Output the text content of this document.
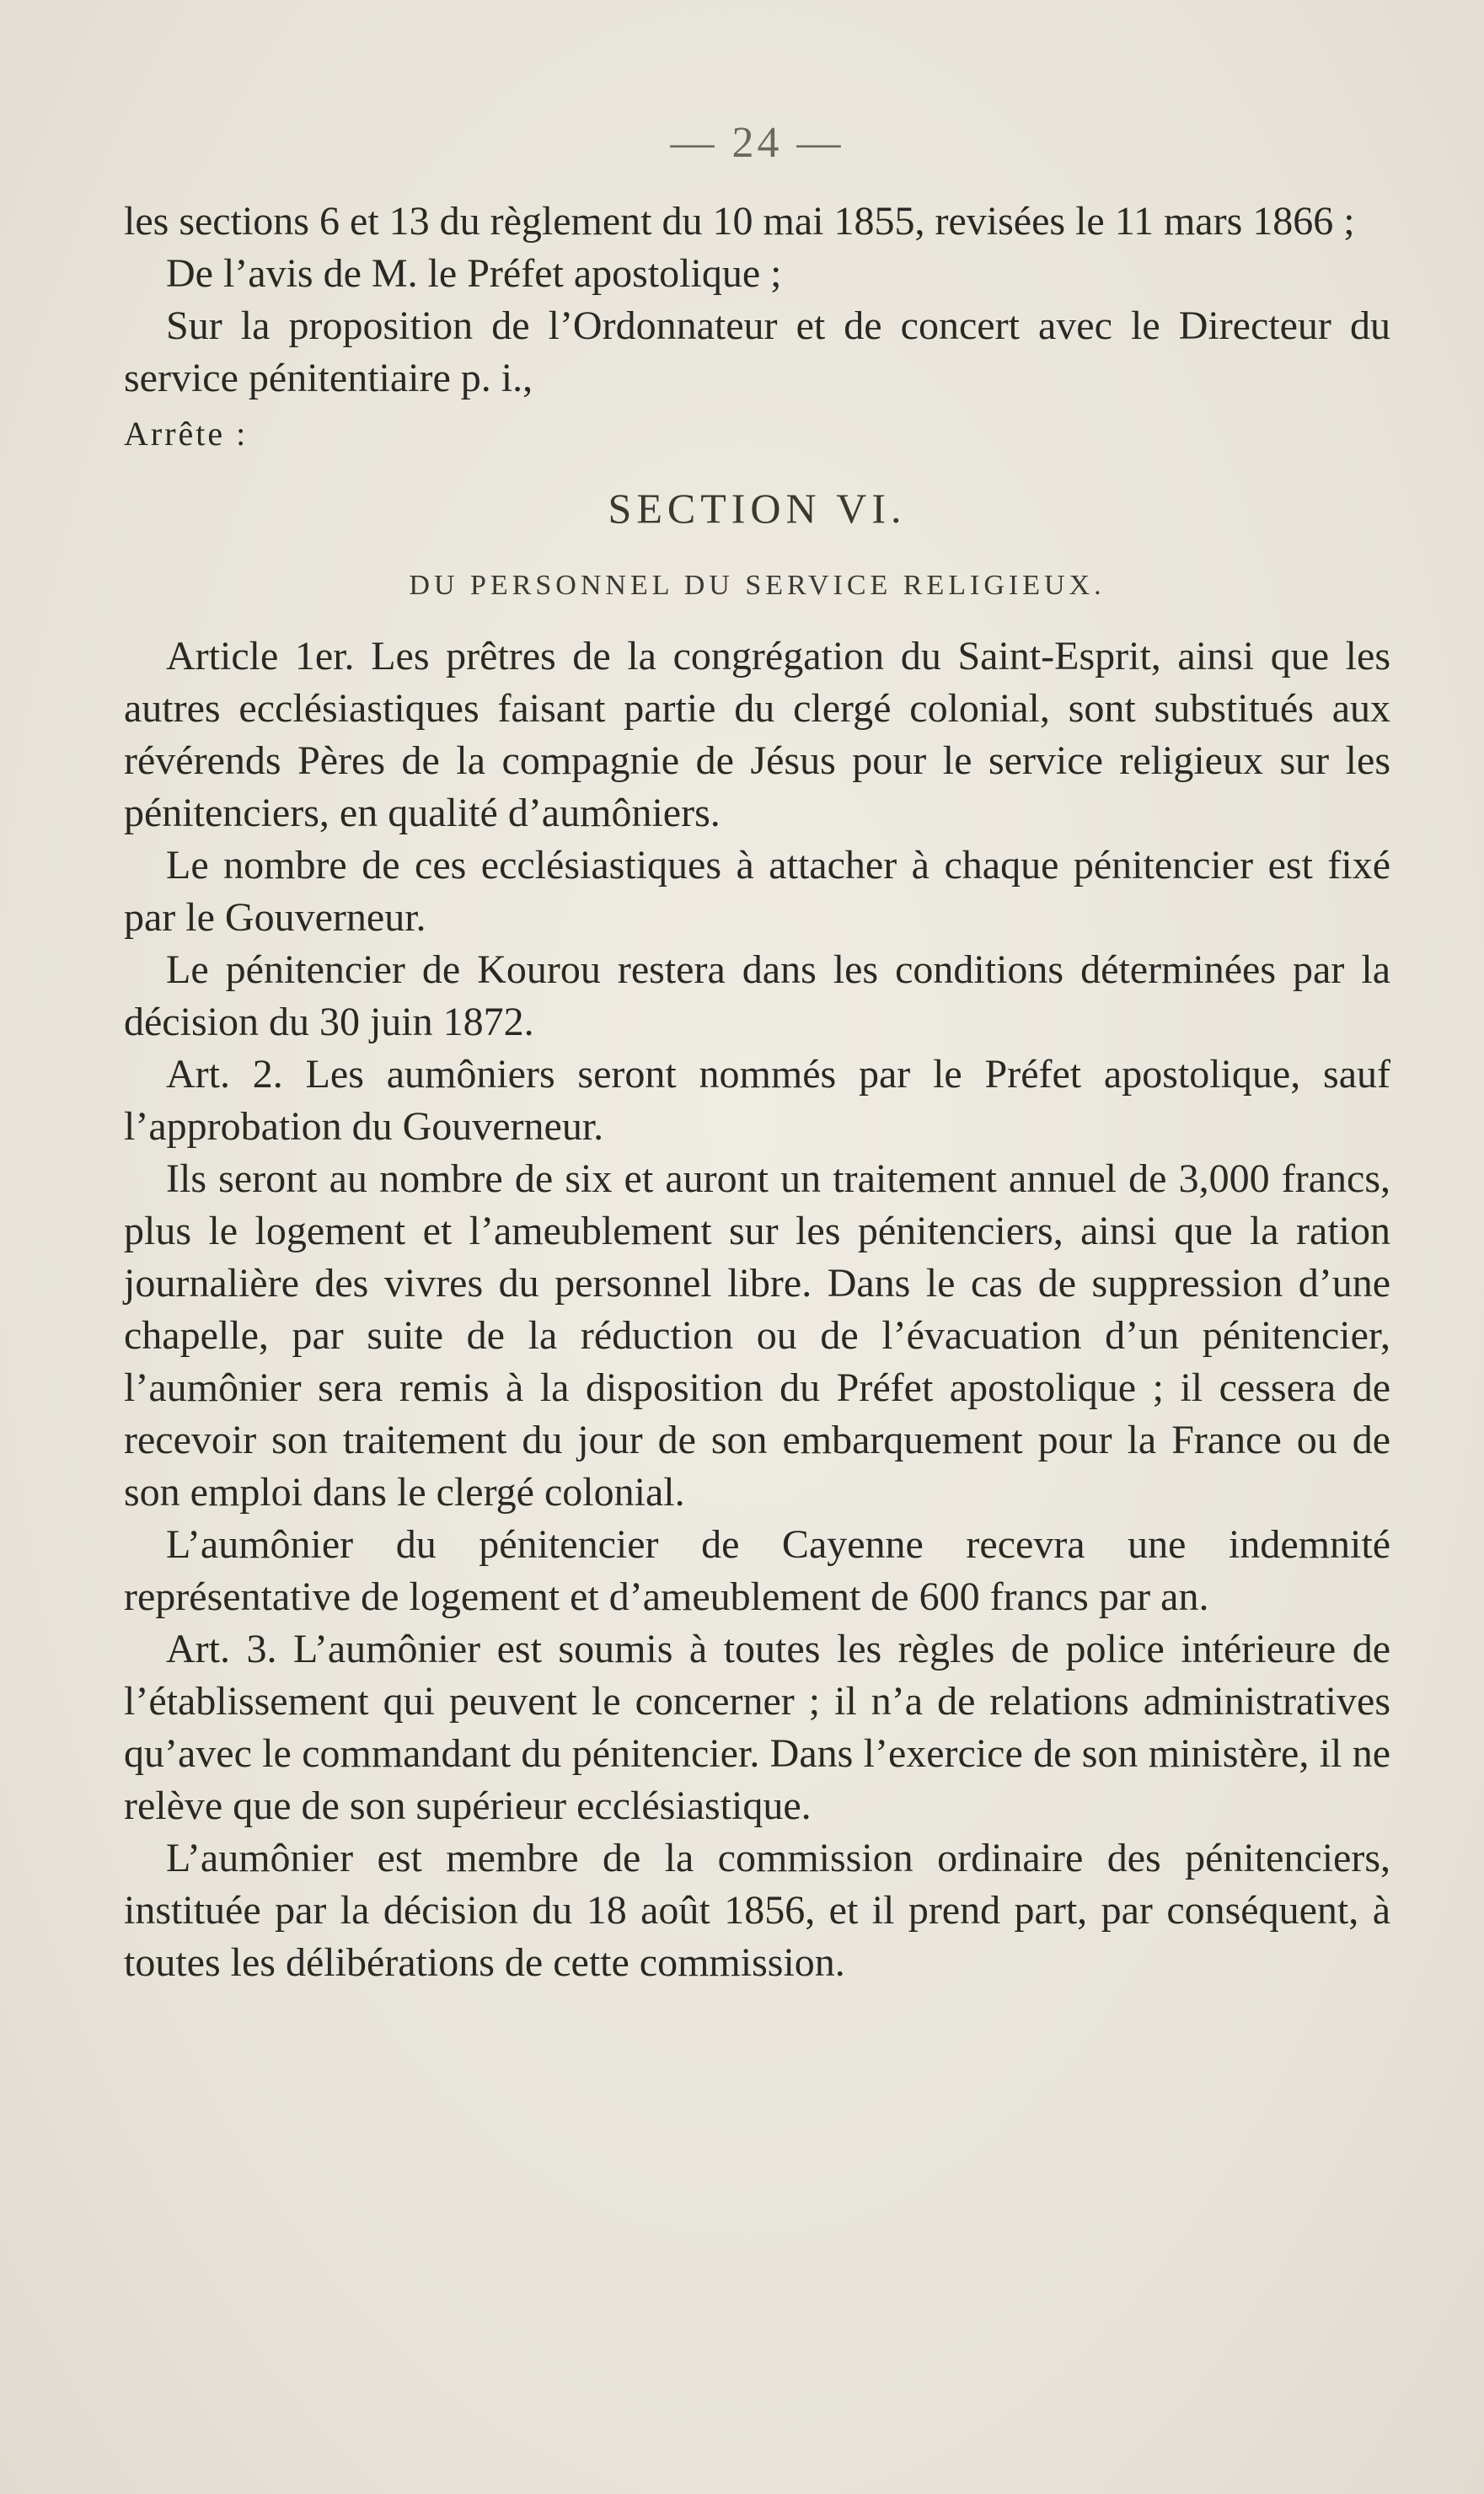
— 24 —

les sections 6 et 13 du règlement du 10 mai 1855, revisées le 11 mars 1866 ;

De l’avis de M. le Préfet apostolique ;

Sur la proposition de l’Ordonnateur et de concert avec le Directeur du service pénitentiaire p. i.,

Arrête :

SECTION VI.

DU PERSONNEL DU SERVICE RELIGIEUX.

Article 1er. Les prêtres de la congrégation du Saint-Esprit, ainsi que les autres ecclésiastiques faisant partie du clergé colonial, sont substitués aux révérends Pères de la compagnie de Jésus pour le service religieux sur les pénitenciers, en qualité d’aumôniers.

Le nombre de ces ecclésiastiques à attacher à chaque pénitencier est fixé par le Gouverneur.

Le pénitencier de Kourou restera dans les conditions déterminées par la décision du 30 juin 1872.

Art. 2. Les aumôniers seront nommés par le Préfet apostolique, sauf l’approbation du Gouverneur.

Ils seront au nombre de six et auront un traitement annuel de 3,000 francs, plus le logement et l’ameublement sur les pénitenciers, ainsi que la ration journalière des vivres du personnel libre. Dans le cas de suppression d’une chapelle, par suite de la réduction ou de l’évacuation d’un pénitencier, l’aumônier sera remis à la disposition du Préfet apostolique ; il cessera de recevoir son traitement du jour de son embarquement pour la France ou de son emploi dans le clergé colonial.

L’aumônier du pénitencier de Cayenne recevra une indemnité représentative de logement et d’ameublement de 600 francs par an.

Art. 3. L’aumônier est soumis à toutes les règles de police intérieure de l’établissement qui peuvent le concerner ; il n’a de relations administratives qu’avec le commandant du pénitencier. Dans l’exercice de son ministère, il ne relève que de son supérieur ecclésiastique.

L’aumônier est membre de la commission ordinaire des pénitenciers, instituée par la décision du 18 août 1856, et il prend part, par conséquent, à toutes les délibérations de cette commission.
